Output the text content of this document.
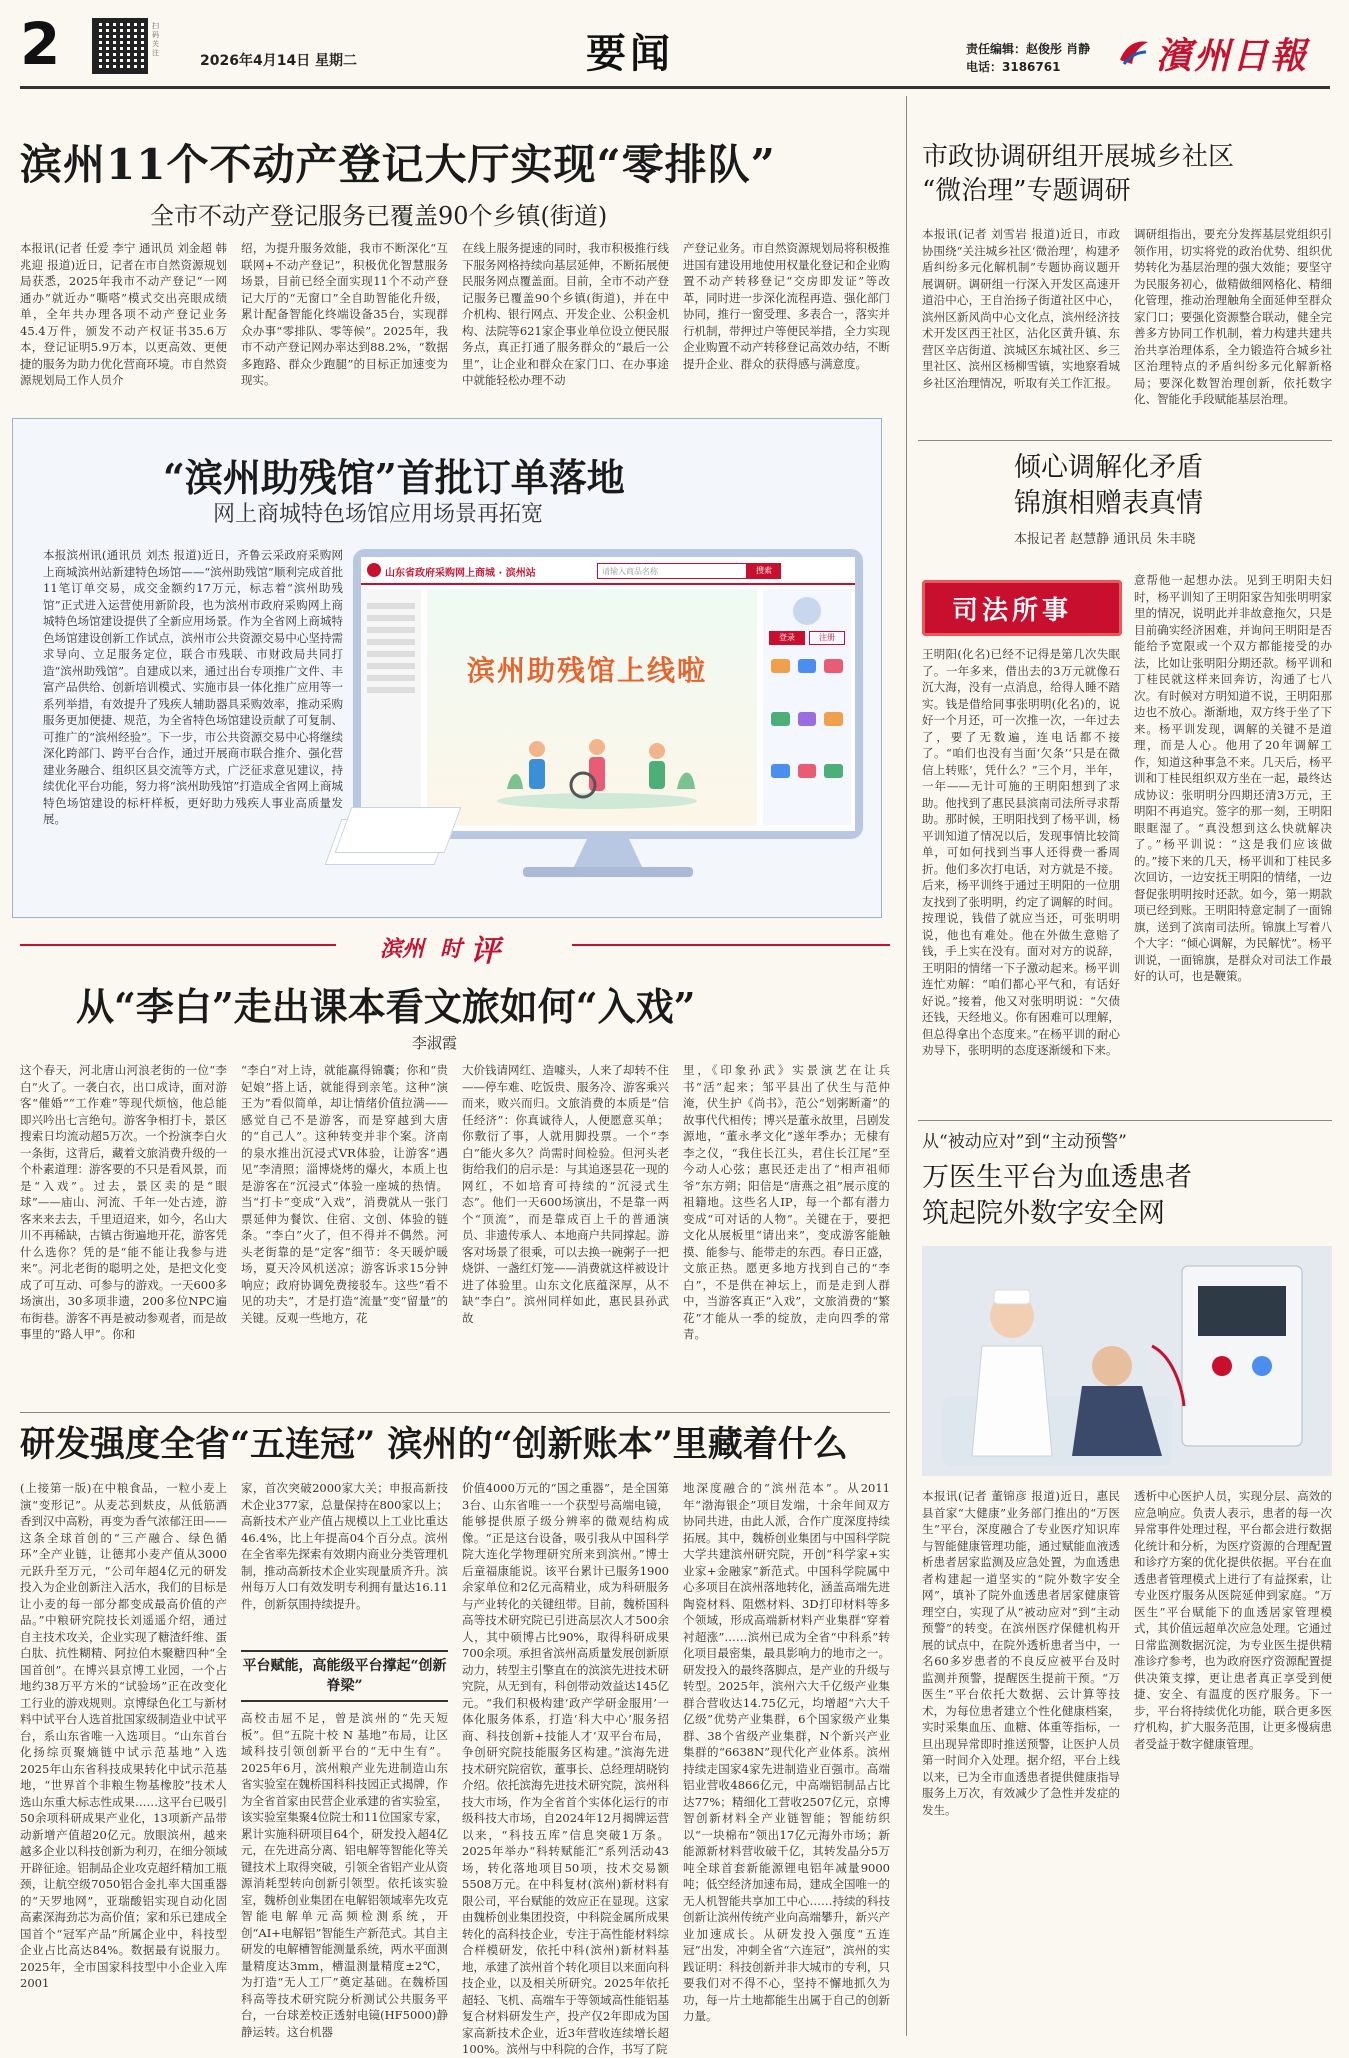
2	扫码关注	2026年4月14日 星期二	要闻	责任编辑：赵俊彤 肖静
电话：3186761	濱州日報
滨州11个不动产登记大厅实现“零排队”
全市不动产登记服务已覆盖90个乡镇(街道)
本报讯(记者 任爱 李宁 通讯员 刘金超 韩兆迎 报道)近日，记者在市自然资源规划局获悉，2025年我市不动产登记“一网通办”就近办“嘶嗒”模式交出亮眼成绩单，全年共办理各项不动产登记业务45.4万件，颁发不动产权证书35.6万本，登记证明5.9万本，以更高效、更便捷的服务为助力优化营商环境。市自然资源规划局工作人员介
绍，为提升服务效能，我市不断深化“互联网+不动产登记”，积极优化智慧服务场景，目前已经全面实现11个不动产登记大厅的“无窗口”全自助智能化升级，累计配备智能化终端设备35台，实现群众办事“零排队、零等候”。2025年，我市不动产登记网办率达到88.2%，“数据多跑路、群众少跑腿”的目标正加速变为现实。
在线上服务提速的同时，我市积极推行线下服务网格持续向基层延伸，不断拓展便民服务网点覆盖面。目前，全市不动产登记服务已覆盖90个乡镇(街道)，并在中介机构、银行网点、开发企业、公积金机构、法院等621家企事业单位设立便民服务点，真正打通了服务群众的“最后一公里”，让企业和群众在家门口、在办事途中就能轻松办理不动
产登记业务。市自然资源规划局将积极推进国有建设用地使用权量化登记和企业购置不动产转移登记“交房即发证”等改革，同时进一步深化流程再造、强化部门协同，推行一窗受理、多表合一，落实并行机制，带押过户等便民举措，全力实现企业购置不动产转移登记高效办结，不断提升企业、群众的获得感与满意度。
“滨州助残馆”首批订单落地
网上商城特色场馆应用场景再拓宽
本报滨州讯(通讯员 刘杰 报道)近日，齐鲁云采政府采购网上商城滨州站新建特色场馆——“滨州助残馆”顺利完成首批11笔订单交易，成交金额约17万元，标志着“滨州助残馆”正式进入运营使用新阶段，也为滨州市政府采购网上商城特色场馆建设提供了全新应用场景。作为全省网上商城特色场馆建设创新工作试点，滨州市公共资源交易中心坚持需求导向、立足服务定位，联合市残联、市财政局共同打造“滨州助残馆”。自建成以来，通过出台专项推广文件、丰富产品供给、创新培训模式、实施市县一体化推广应用等一系列举措，有效提升了残疾人辅助器具采购效率，推动采购服务更加便捷、规范，为全省特色场馆建设贡献了可复制、可推广的“滨州经验”。下一步，市公共资源交易中心将继续深化跨部门、跨平台合作，通过开展商市联合推介、强化营建业务融合、组织区县交流等方式，广泛征求意见建议，持续优化平台功能，努力将“滨州助残馆”打造成全省网上商城特色场馆建设的标杆样板，更好助力残疾人事业高质量发展。
山东省政府采购网上商城 · 滨州站	请输入商品名称	搜索
滨州助残馆上线啦
登录	注册
滨州 时 评
从“李白”走出课本看文旅如何“入戏”
李淑霞
这个春天，河北唐山河浪老街的一位“李白”火了。一袭白衣，出口成诗，面对游客“催婚”“工作难”等现代烦恼，他总能即兴吟出七言绝句。游客争相打卡，景区搜索日均流动超5万次。一个扮演李白火一条街，这背后，藏着文旅消费升级的一个朴素道理：游客要的不只是看风景，而是“入戏”。过去，景区卖的是“眼球”——庙山、河流、千年一处古迹，游客来来去去，千里迢迢来，如今，名山大川不再稀缺，古镇古街遍地开花，游客凭什么选你？凭的是“能不能让我参与进来”。河北老街的聪明之处，是把文化变成了可互动、可参与的游戏。一天600多场演出，30多项非遗，200多位NPC遍布街巷。游客不再是被动参观者，而是故事里的“路人甲”。你和
“李白”对上诗，就能赢得锦囊；你和“贵妃娘”搭上话，就能得到亲笔。这种“演王为”看似简单，却让情绪价值拉满——感觉自己不是游客，而是穿越到大唐的“自己人”。这种转变并非个案。济南的泉水推出沉浸式VR体验，让游客“遇见”李清照；淄博烧烤的爆火，本质上也是游客在“沉浸式”体验一座城的热情。当“打卡”变成“入戏”，消费就从一张门票延伸为餐饮、住宿、文创、体验的链条。“李白”火了，但不得并不偶然。河头老街靠的是“定客”细节：冬天暖炉暖场，夏天冷风机送凉；游客诉求15分钟响应；政府协调免费接驳车。这些“看不见的功夫”，才是打造“流量”变“留量”的关键。反观一些地方，花
大价钱请网红、造噱头，人来了却转不住——停车难、吃饭贵、服务冷、游客乘兴而来，败兴而归。文旅消费的本质是“信任经济”：你真诚待人，人便愿意买单；你敷衍了事，人就用脚投票。一个“李白”能火多久？尚需时间检验。但河头老街给我们的启示是：与其追逐昙花一现的网红，不如培育可持续的“沉浸式生态”。他们一天600场演出，不是靠一两个“顶流”，而是靠成百上千的普通演员、非遗传承人、本地商户共同撑起。游客对场景了很乘，可以去换一碗粥子一把烧饼、一盏红灯笼——消费就这样被设计进了体验里。山东文化底蕴深厚，从不缺“李白”。滨州同样如此，惠民县孙武故
里，《印象孙武》实景演艺在让兵书“活”起来；邹平县出了伏生与范仲淹，伏生护《尚书》，范公“划粥断齑”的故事代代相传；博兴是董永故里，吕剧发源地，“董永孝文化”遂年季办；无棣有李之仪，“我住长江头，君住长江尾”至今动人心弦；惠民还走出了“相声祖师爷”东方朔；阳信是“唐燕之祖”展示度的祖籍地。这些名人IP，每一个都有潜力变成“可对话的人物”。关键在于，要把文化从展板里“请出来”，变成游客能触摸、能参与、能带走的东西。春日正盛，文旅正热。愿更多地方找到自己的“李白”，不是供在神坛上，而是走到人群中，当游客真正“入戏”，文旅消费的“繁花”才能从一季的绽放，走向四季的常青。
研发强度全省“五连冠” 滨州的“创新账本”里藏着什么
(上接第一版)在中粮食品，一粒小麦上演“变形记”。从麦芯到麸皮，从低筋酒香到汉中高粉，再变为香气浓郁汪田——这条全球首创的“三产融合、绿色循环”全产业链，让德邦小麦产值从3000元跃升至万元，“公司年超4亿元的研发投入为企业创新注入活水，我们的目标是让小麦的每一部分都变成最高价值的产品。”中粮研究院技长刘遥遥介绍，通过自主技术攻关，企业实现了糖渣纤维、蛋白肽、抗性糊精、阿拉伯木聚糖四种“全国首创”。在博兴县京博工业园，一个占地约38万平方米的“试验场”正在改变化工行业的游戏规则。京博绿色化工与新材料中试平台人选首批国家级制造业中试平台，系山东省唯一入选项目。“山东首台化扬综页聚熵链中试示范基地”入选2025年山东省科技成果转化中试示范基地，“世界首个非粮生物基橡胶”技术人选山东重大标志性成果……这平台已吸引50余项科研成果产业化，13项新产品带动新增产值超20亿元。放眼滨州，越来越多企业以科技创新为利刃，在细分领域开辟征途。铝制品企业攻克超纤精加工瓶颈，让航空级7050铝合金扎率大国重器的“天罗地网”，亚瑞酸铝实现自动化固高素深海劲芯为高价值；家和乐已建成全国首个“冠军产品”所属企业中，科技型企业占比高达84%。数据最有说服力。2025年，全市国家科技型中小企业入库2001
家，首次突破2000家大关；申报高新技术企业377家，总量保持在800家以上；高新技术产业产值占规模以上工业比重达46.4%，比上年提高04个百分点。滨州在全省率先探索有效期内商业分类管理机制，推动高新技术企业实现量质齐升。滨州每万人口有效发明专利拥有量达16.11件，创新氛围持续提升。
平台赋能，高能级平台撑起“创新脊梁”
高校击屈不足，曾是滨州的“先天短板”。但“五院十校 N 基地”布局，让区域科技引领创新平台的“无中生有”。2025年6月，滨州粮产业先进制造山东省实验室在魏桥国科科技园正式揭牌，作为全省首家由民营企业承建的省实验室，该实验室集聚4位院士和11位国家专家，累计实施科研项目64个，研发投入超4亿元，在先进高分离、铝电解等智能化等关键技术上取得突破，引领全省铝产业从资源消耗型转向创新引领型。依托该实验室，魏桥创业集团在电解铝领域率先攻克智能电解单元高频检测系统，开创“AI+电解铝”智能生产新范式。其自主研发的电解槽智能测量系统，两水平面测量精度达3mm，槽温测量精度±2℃，为打造“无人工厂”奠定基础。在魏桥国科高等技术研究院分析测试公共服务平台，一台球差校正透射电镜(HF5000)静静运转。这台机器
价值4000万元的“国之重器”，是全国第3台、山东省唯一一个获型号高端电镜，能够提供原子级分辨率的微观结构成像。“正是这台设备，吸引我从中国科学院大连化学物理研究所来到滨州。”博士后童福康能说。该平台累计已服务1900余家单位和2亿元高精业，成为科研服务与产业转化的关键纽带。目前，魏桥国科高等技术研究院已引进高层次人才500余人，其中硕博占比90%，取得科研成果700余项。承担省滨州高质量发展创新原动力，转型主引擎直在的滨滨先进技术研究院，从无到有，科创带动效益达145亿元。“我们积极构建‘政产学研金服用’一体化服务体系，打造‘科大中心’服务招商、科技创新+技能人才’双平台布局，争创研究院技能服务区构建。”滨海先进技术研究院宿钦，董事长、总经理胡晓钧介绍。依托滨海先进技术研究院，滨州科技大市场，作为全省首个实体化运行的市级科技大市场，自2024年12月揭牌运营以来，“科技五库”信息突破1万条。2025年举办“科转赋能汇”系列活动43场，转化落地项目50项，技术交易额5508万元。在中科复材(滨州)新材料有限公司，平台赋能的效应正在显现。这家由魏桥创业集团投资，中科院金属所成果转化的高科技企业，专注于高性能材料综合样模研发，依托中科(滨州)新材料基地，承建了滨州首个转化项目以来面向科技企业，以及相关所研究。2025年依托超轻、飞机、高端车于等领域高性能铝基复合材料研发生产，投产仅2年即成为国家高新技术企业，近3年营收连续增长超100%。滨州与中科院的合作，书写了院
地深度融合的“滨州范本”。从2011年“渤海银企”项目发端，十余年间双方协同共进，由此人派，合作广度深度持续拓展。其中，魏桥创业集团与中国科学院大学共建滨州研究院，开创“科学家+实业家+金融家”新范式。中国科学院属中心多项目在滨州落地转化，涵盖高端先进陶瓷材料、阻燃材料、3D打印材料等多个领域，形成高端新材料产业集群“穿着衬超涨”……滨州已成为全省“中科系”转化项目最密集，最具影响力的地市之一。研发投入的最终落脚点，是产业的升级与转型。2025年，滨州六大千亿级产业集群合营收达14.75亿元，均增超“六大千亿级”优势产业集群，6个国家级产业集群、38个省级产业集群，N个新兴产业集群的“6638N”现代化产业体系。滨州持续走国家4家先进制造业百强市。高端铝业营收4866亿元，中高端铝制品占比达77%；精细化工营收2507亿元，京博智创新材料全产业链智能；智能纺织以“一块棉布”领出17亿元海外市场；新能源新材料营收破千亿，其转发晶分5万吨全球首套新能源锂电铝年减量9000吨；低空经济加速布局，建成全国唯一的无人机智能共享加工中心……持续的科技创新让滨州传统产业向高端攀升，新兴产业加速成长。从研发投入强度“五连冠”出发，冲刺全省“六连冠”，滨州的实践证明：科技创新并非大城市的专利，只要我们对不得不心，坚持不懈地抓久为功，每一片土地都能生出属于自己的创新力量。
市政协调研组开展城乡社区
“微治理”专题调研
本报讯(记者 刘雪岩 报道)近日，市政协围绕“关注城乡社区‘微治理’，构建矛盾纠纷多元化解机制”专题协商议题开展调研。调研组一行深入开发区高速开道沿中心，王自治扬子街道社区中心，滨州区新风尚中心文化点，滨州经济技术开发区西王社区，沾化区黄升镇、东营区辛店街道、滨城区东城社区、乡三里社区、滨州区杨柳雪镇，实地察看城乡社区治理情况，听取有关工作汇报。
调研组指出，要充分发挥基层党组织引领作用，切实将党的政治优势、组织优势转化为基层治理的强大效能；要坚守为民服务初心，做精做细网格化、精细化管理，推动治理触角全面延伸至群众家门口；要强化资源整合联动，健全完善多方协同工作机制，着力构建共建共治共享治理体系，全力锻造符合城乡社区治理特点的矛盾纠纷多元化解新格局；要深化数智治理创新，依托数字化、智能化手段赋能基层治理。
倾心调解化矛盾
锦旗相赠表真情
本报记者 赵慧静 通讯员 朱丰晓
司法所事
王明阳(化名)已经不记得是第几次失眠了。一年多来，借出去的3万元就像石沉大海，没有一点消息，给得人睡不踏实。钱是借给同事张明明(化名)的，说好一个月还，可一次推一次，一年过去了，要了无数遍，连电话都不接了。“咱们也没有当面‘欠条’‘只是在微信上转账’，凭什么？”三个月，半年，一年——无计可施的王明阳想到了求助。他找到了惠民县滨南司法所寻求帮助。那时候，王明阳找到了杨平训，杨平训知道了情况以后，发现事情比较简单，可如何找到当事人还得费一番周折。他们多次打电话，对方就是不接。后来，杨平训终于通过王明阳的一位朋友找到了张明明，约定了调解的时间。按理说，钱借了就应当还，可张明明说，他也有难处。他在外做生意赔了钱，手上实在没有。面对对方的说辞，王明阳的情绪一下子激动起来。杨平训连忙劝解：“咱们都心平气和，有话好好说。”接着，他又对张明明说：“欠债还钱，天经地义。你有困难可以理解，但总得拿出个态度来。”在杨平训的耐心劝导下，张明明的态度逐渐缓和下来。
意帮他一起想办法。见到王明阳夫妇时，杨平训知了王明阳家告知张明明家里的情况，说明此并非故意拖欠，只是目前确实经济困难，并询问王明阳是否能给予宽限或一个双方都能接受的办法，比如让张明阳分期还款。杨平训和丁桂民就这样来回奔访，沟通了七八次。有时候对方明知道不说，王明阳那边也不放心。渐渐地，双方终于坐了下来。杨平训发现，调解的关键不是道理，而是人心。他用了20年调解工作，知道这种事急不来。几天后，杨平训和丁桂民组织双方坐在一起，最终达成协议：张明明分四期还清3万元，王明阳不再追究。签字的那一刻，王明阳眼眶湿了。“真没想到这么快就解决了。”杨平训说：“这是我们应该做的。”接下来的几天，杨平训和丁桂民多次回访，一边安抚王明阳的情绪，一边督促张明明按时还款。如今，第一期款项已经到账。王明阳特意定制了一面锦旗，送到了滨南司法所。锦旗上写着八个大字：“倾心调解，为民解忧”。杨平训说，一面锦旗，是群众对司法工作最好的认可，也是鞭策。
从“被动应对”到“主动预警”
万医生平台为血透患者
筑起院外数字安全网
本报讯(记者 董锦彦 报道)近日，惠民县首家“大健康”业务部门推出的“万医生”平台，深度融合了专业医疗知识库与智能健康管理功能，通过赋能血液透析患者居家监测及应急处置，为血透患者构建起一道坚实的“院外数字安全网”，填补了院外血透患者居家健康管理空白，实现了从“被动应对”到“主动预警”的转变。在滨州医疗保健机构开展的试点中，在院外透析患者当中，一名60多岁患者的不良反应被平台及时监测并预警，提醒医生提前干预。“万医生”平台依托大数据、云计算等技术，为每位患者建立个性化健康档案，实时采集血压、血糖、体重等指标，一旦出现异常即时推送预警，让医护人员第一时间介入处理。据介绍，平台上线以来，已为全市血透患者提供健康指导服务上万次，有效减少了急性并发症的发生。
透析中心医护人员，实现分层、高效的应急响应。负责人表示，患者的每一次异常事件处理过程，平台都会进行数据化统计和分析，为医疗资源的合理配置和诊疗方案的优化提供依据。平台在血透患者管理模式上进行了有益探索，让专业医疗服务从医院延伸到家庭。“万医生”平台赋能下的血透居家管理模式，其价值远超单次应急处理。它通过日常监测数据沉淀，为专业医生提供精准诊疗参考，也为政府医疗资源配置提供决策支撑，更让患者真正享受到便捷、安全、有温度的医疗服务。下一步，平台将持续优化功能，联合更多医疗机构，扩大服务范围，让更多慢病患者受益于数字健康管理。
